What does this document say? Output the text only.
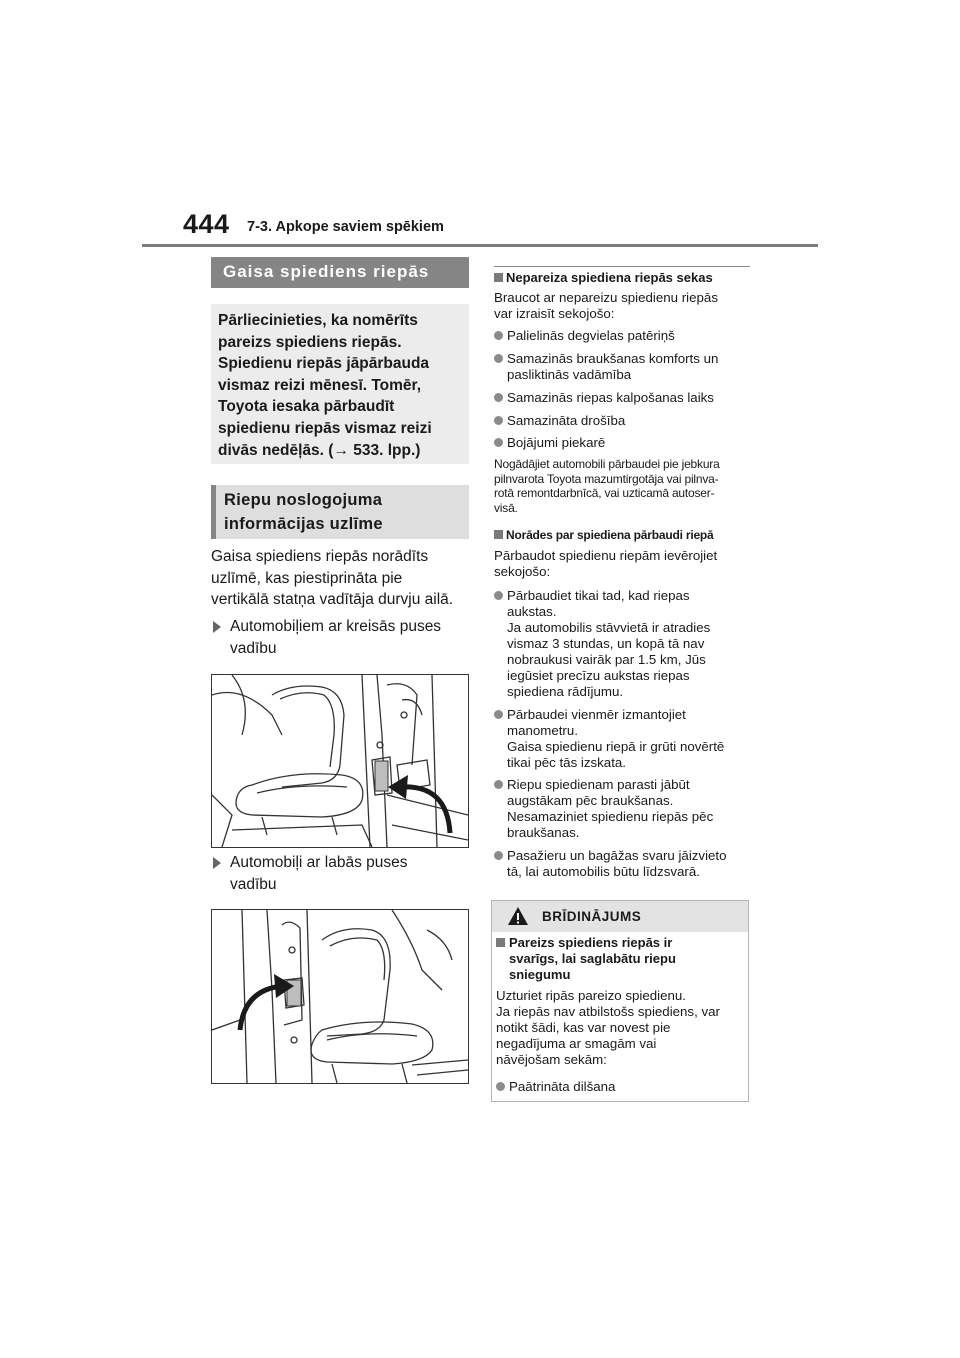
444 7-3. Apkope saviem spēkiem
Gaisa spiediens riepās
Pārliecinieties, ka nomērīts
pareizs spiediens riepās.
Spiedienu riepās jāpārbauda
vismaz reizi mēnesī. Tomēr,
Toyota iesaka pārbaudīt
spiedienu riepās vismaz reizi
divās nedēļās. (→ 533. lpp.)
Riepu noslogojuma
informācijas uzlīme
Gaisa spiediens riepās norādīts
uzlīmē, kas piestiprināta pie
vertikālā statņa vadītāja durvju ailā.
Automobiļiem ar kreisās puses
vadību
Automobiļi ar labās puses
vadību
Nepareiza spiediena riepās sekas
Braucot ar nepareizu spiedienu riepās
var izraisīt sekojošo:
Palielinās degvielas patēriņš
Samazinās braukšanas komforts un
pasliktinās vadāmība
Samazinās riepas kalpošanas laiks
Samazināta drošība
Bojājumi piekarē
Nogādājiet automobili pārbaudei pie jebkura
pilnvarota Toyota mazumtirgotāja vai pilnva-
rotā remontdarbnīcā, vai uzticamā autoser-
visā.
Norādes par spiediena pārbaudi riepā
Pārbaudot spiedienu riepām ievērojiet
sekojošo:
Pārbaudiet tikai tad, kad riepas
aukstas.
Ja automobilis stāvvietā ir atradies
vismaz 3 stundas, un kopā tā nav
nobraukusi vairāk par 1.5 km, Jūs
iegūsiet precīzu aukstas riepas
spiediena rādījumu.
Pārbaudei vienmēr izmantojiet
manometru.
Gaisa spiedienu riepā ir grūti novērtē
tikai pēc tās izskata.
Riepu spiedienam parasti jābūt
augstākam pēc braukšanas.
Nesamaziniet spiedienu riepās pēc
braukšanas.
Pasažieru un bagāžas svaru jāizvieto
tā, lai automobilis būtu līdzsvarā.
BRĪDINĀJUMS
Pareizs spiediens riepās ir
svarīgs, lai saglabātu riepu
sniegumu
Uzturiet ripās pareizo spiedienu.
Ja riepās nav atbilstošs spiediens, var
notikt šādi, kas var novest pie
negadījuma ar smagām vai
nāvējošam sekām:
Paātrināta dilšana
